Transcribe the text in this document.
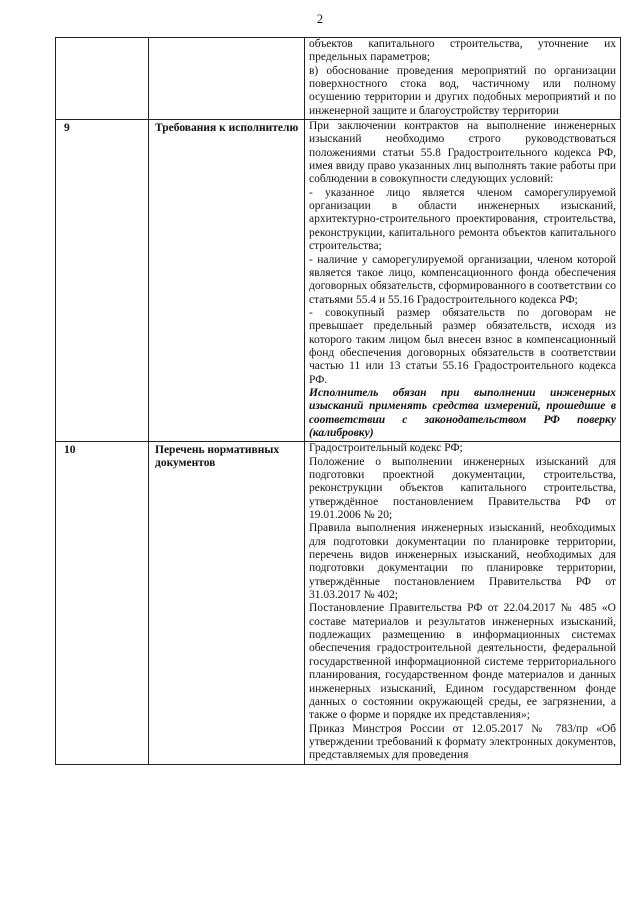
2

		объектов капитального строительства, уточнение их предельных параметров;

в) обоснование проведения мероприятий по организации поверхностного стока вод, частичному или полному осушению территории и других подобных мероприятий и по инженерной защите и благоустройству территории

9	Требования к исполнителю	При заключении контрактов на выполнение инженерных изысканий необходимо строго руководствоваться положениями статьи 55.8 Градостроительного кодекса РФ, имея ввиду право указанных лиц выполнять такие работы при соблюдении в совокупности следующих условий:

- указанное лицо является членом саморегулируемой организации в области инженерных изысканий, архитектурно-строительного проектирования, строительства, реконструкции, капитального ремонта объектов капитального строительства;

- наличие у саморегулируемой организации, членом которой является такое лицо, компенсационного фонда обеспечения договорных обязательств, сформированного в соответствии со статьями 55.4 и 55.16 Градостроительного кодекса РФ;

- совокупный размер обязательств по договорам не превышает предельный размер обязательств, исходя из которого таким лицом был внесен взнос в компенсационный фонд обеспечения договорных обязательств в соответствии частью 11 или 13 статьи 55.16 Градостроительного кодекса РФ.

Исполнитель обязан при выполнении инженерных изысканий применять средства измерений, прошедшие в соответствии с законодательством РФ поверку (калибровку)

10	Перечень нормативных документов	Градостроительный кодекс РФ;

Положение о выполнении инженерных изысканий для подготовки проектной документации, строительства, реконструкции объектов капитального строительства, утверждённое постановлением Правительства РФ от 19.01.2006 № 20;

Правила выполнения инженерных изысканий, необходимых для подготовки документации по планировке территории, перечень видов инженерных изысканий, необходимых для подготовки документации по планировке территории, утверждённые постановлением Правительства РФ от 31.03.2017 № 402;

Постановление Правительства РФ от 22.04.2017 № 485 «О составе материалов и результатов инженерных изысканий, подлежащих размещению в информационных системах обеспечения градостроительной деятельности, федеральной государственной информационной системе территориального планирования, государственном фонде материалов и данных инженерных изысканий, Едином государственном фонде данных о состоянии окружающей среды, ее загрязнении, а также о форме и порядке их представления»;

Приказ Минстроя России от 12.05.2017 № 783/пр «Об утверждении требований к формату электронных документов, представляемых для проведения
